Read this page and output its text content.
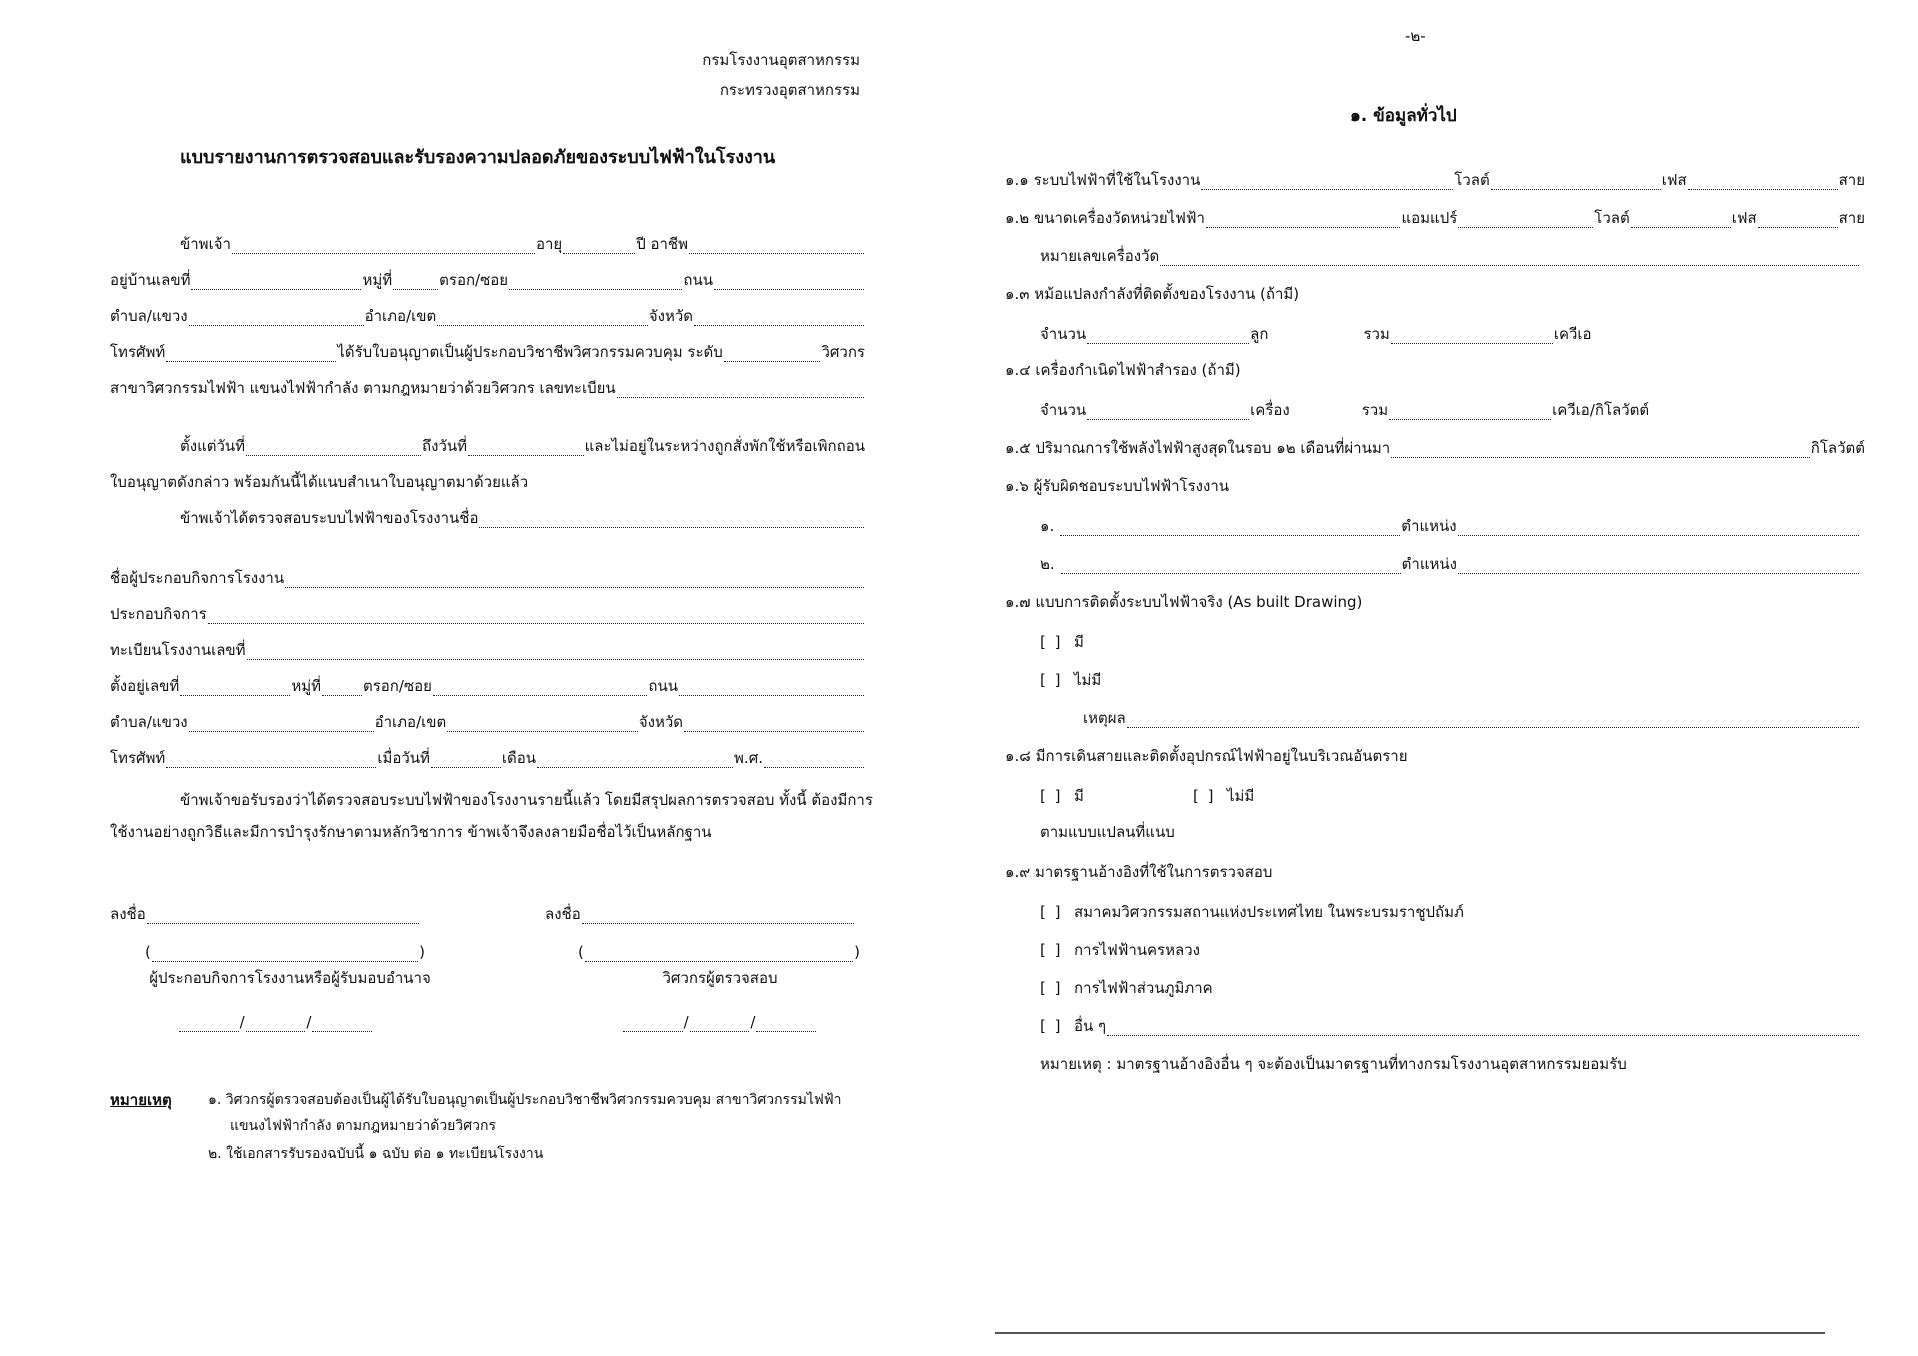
กรมโรงงานอุตสาหกรรม
กระทรวงอุตสาหกรรม
แบบรายงานการตรวจสอบและรับรองความปลอดภัยของระบบไฟฟ้าในโรงงาน
ข้าพเจ้า	อายุ	ปี อาชีพ
อยู่บ้านเลขที่	หมู่ที่	ตรอก/ซอย	ถนน
ตำบล/แขวง	อำเภอ/เขต	จังหวัด
โทรศัพท์	ได้รับใบอนุญาตเป็นผู้ประกอบวิชาชีพวิศวกรรมควบคุม ระดับ	วิศวกร
สาขาวิศวกรรมไฟฟ้า แขนงไฟฟ้ากำลัง ตามกฎหมายว่าด้วยวิศวกร เลขทะเบียน
ตั้งแต่วันที่	ถึงวันที่	และไม่อยู่ในระหว่างถูกสั่งพักใช้หรือเพิกถอน
ใบอนุญาตดังกล่าว พร้อมกันนี้ได้แนบสำเนาใบอนุญาตมาด้วยแล้ว
ข้าพเจ้าได้ตรวจสอบระบบไฟฟ้าของโรงงานชื่อ
ชื่อผู้ประกอบกิจการโรงงาน
ประกอบกิจการ
ทะเบียนโรงงานเลขที่
ตั้งอยู่เลขที่	หมู่ที่	ตรอก/ซอย	ถนน
ตำบล/แขวง	อำเภอ/เขต	จังหวัด
โทรศัพท์	เมื่อวันที่	เดือน	พ.ศ.
ข้าพเจ้าขอรับรองว่าได้ตรวจสอบระบบไฟฟ้าของโรงงานรายนี้แล้ว โดยมีสรุปผลการตรวจสอบ ทั้งนี้ ต้องมีการ
ใช้งานอย่างถูกวิธีและมีการบำรุงรักษาตามหลักวิชาการ ข้าพเจ้าจึงลงลายมือชื่อไว้เป็นหลักฐาน
ลงชื่อ
(	)
ผู้ประกอบกิจการโรงงานหรือผู้รับมอบอำนาจ
/	/
ลงชื่อ
(	)
วิศวกรผู้ตรวจสอบ
/	/
หมายเหตุ	๑. วิศวกรผู้ตรวจสอบต้องเป็นผู้ได้รับใบอนุญาตเป็นผู้ประกอบวิชาชีพวิศวกรรมควบคุม สาขาวิศวกรรมไฟฟ้า
แขนงไฟฟ้ากำลัง ตามกฎหมายว่าด้วยวิศวกร
๒. ใช้เอกสารรับรองฉบับนี้ ๑ ฉบับ ต่อ ๑ ทะเบียนโรงงาน
-๒-
๑. ข้อมูลทั่วไป
๑.๑ ระบบไฟฟ้าที่ใช้ในโรงงาน	โวลต์	เฟส	สาย
๑.๒ ขนาดเครื่องวัดหน่วยไฟฟ้า	แอมแปร์	โวลต์	เฟส	สาย
หมายเลขเครื่องวัด
๑.๓ หม้อแปลงกำลังที่ติดตั้งของโรงงาน (ถ้ามี)
จำนวน	ลูก	รวม	เควีเอ
๑.๔ เครื่องกำเนิดไฟฟ้าสำรอง (ถ้ามี)
จำนวน	เครื่อง	รวม	เควีเอ/กิโลวัตต์
๑.๕ ปริมาณการใช้พลังไฟฟ้าสูงสุดในรอบ ๑๒ เดือนที่ผ่านมา	กิโลวัตต์
๑.๖ ผู้รับผิดชอบระบบไฟฟ้าโรงงาน
๑.	ตำแหน่ง
๒.	ตำแหน่ง
๑.๗ แบบการติดตั้งระบบไฟฟ้าจริง (As built Drawing)
[ ] มี
[ ] ไม่มี
เหตุผล
๑.๘ มีการเดินสายและติดตั้งอุปกรณ์ไฟฟ้าอยู่ในบริเวณอันตราย
[ ] มี	[ ] ไม่มี
ตามแบบแปลนที่แนบ
๑.๙ มาตรฐานอ้างอิงที่ใช้ในการตรวจสอบ
[ ] สมาคมวิศวกรรมสถานแห่งประเทศไทย ในพระบรมราชูปถัมภ์
[ ] การไฟฟ้านครหลวง
[ ] การไฟฟ้าส่วนภูมิภาค
[ ] อื่น ๆ
หมายเหตุ : มาตรฐานอ้างอิงอื่น ๆ จะต้องเป็นมาตรฐานที่ทางกรมโรงงานอุตสาหกรรมยอมรับ
